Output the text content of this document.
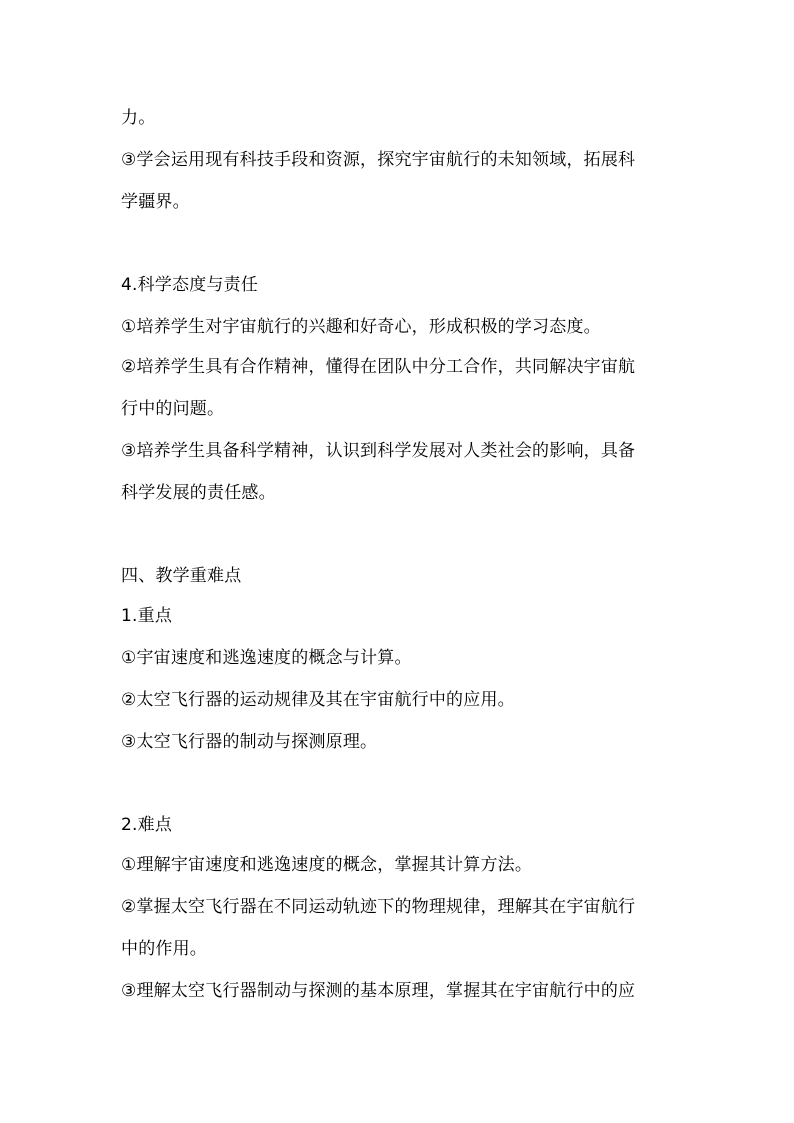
力。
③学会运用现有科技手段和资源，探究宇宙航行的未知领域，拓展科
学疆界。
4.科学态度与责任
①培养学生对宇宙航行的兴趣和好奇心，形成积极的学习态度。
②培养学生具有合作精神，懂得在团队中分工合作，共同解决宇宙航
行中的问题。
③培养学生具备科学精神，认识到科学发展对人类社会的影响，具备
科学发展的责任感。
四、教学重难点
1.重点
①宇宙速度和逃逸速度的概念与计算。
②太空飞行器的运动规律及其在宇宙航行中的应用。
③太空飞行器的制动与探测原理。
2.难点
①理解宇宙速度和逃逸速度的概念，掌握其计算方法。
②掌握太空飞行器在不同运动轨迹下的物理规律，理解其在宇宙航行
中的作用。
③理解太空飞行器制动与探测的基本原理，掌握其在宇宙航行中的应
